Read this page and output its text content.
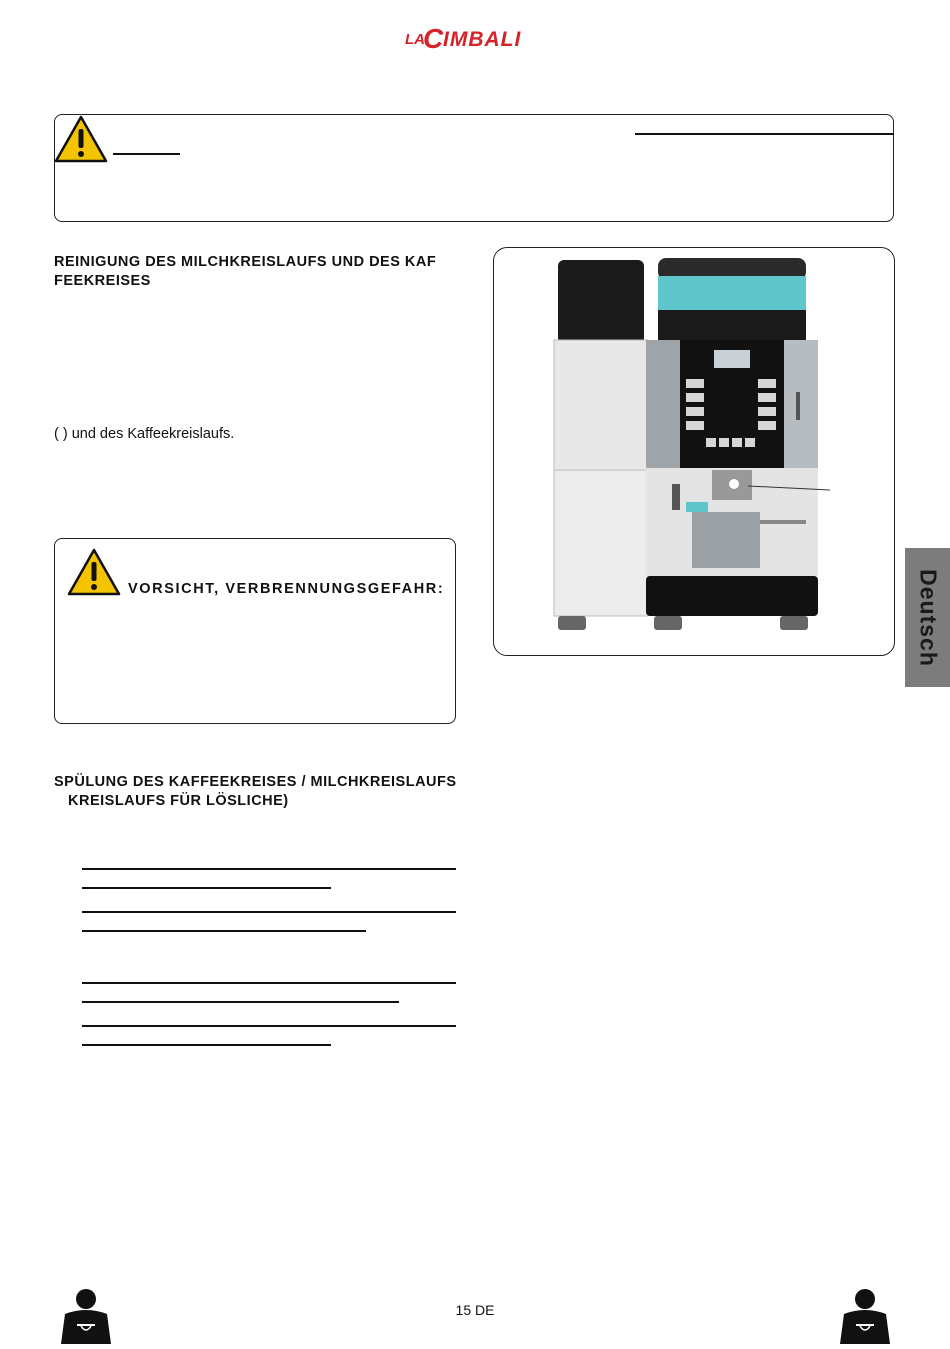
LA
C IMBALI
REINIGUNG DES MILCHKREISLAUFS UND DES KAF
FEEKREISES
( ) und des Kaffeekreislaufs.
VORSICHT, VERBRENNUNGSGEFAHR:
SPÜLUNG DES KAFFEEKREISES / MILCHKREISLAUFS
KREISLAUFS FÜR LÖSLICHE)
Deutsch
15 DE
